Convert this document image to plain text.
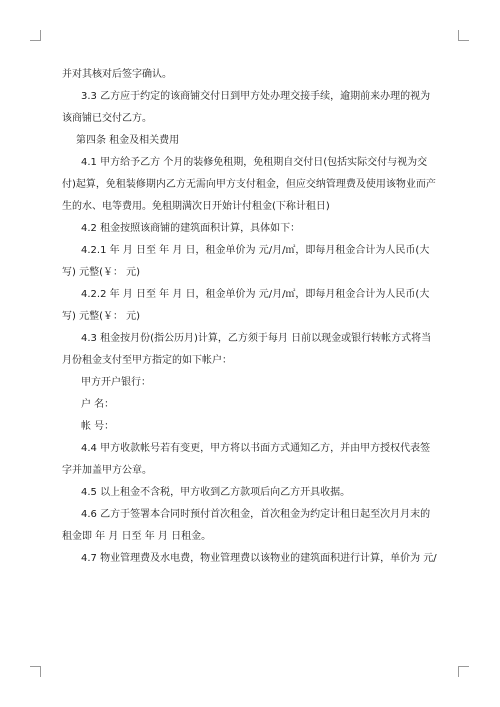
并对其核对后签字确认。

3.3 乙方应于约定的该商铺交付日到甲方处办理交接手续，逾期前来办理的视为

该商铺已交付乙方。

第四条 租金及相关费用

4.1 甲方给予乙方 个月的装修免租期，免租期自交付日(包括实际交付与视为交

付)起算，免租装修期内乙方无需向甲方支付租金，但应交纳管理费及使用该物业而产

生的水、电等费用。免租期满次日开始计付租金(下称计租日)

4.2 租金按照该商铺的建筑面积计算，具体如下：

4.2.1 年 月 日至 年 月 日，租金单价为 元/月/㎡，即每月租金合计为人民币(大

写) 元整(￥： 元)

4.2.2 年 月 日至 年 月 日，租金单价为 元/月/㎡，即每月租金合计为人民币(大

写) 元整(￥： 元)

4.3 租金按月份(指公历月)计算，乙方须于每月 日前以现金或银行转帐方式将当

月份租金支付至甲方指定的如下帐户：

甲方开户银行：

户 名：

帐 号：

4.4 甲方收款帐号若有变更，甲方将以书面方式通知乙方，并由甲方授权代表签

字并加盖甲方公章。

4.5 以上租金不含税，甲方收到乙方款项后向乙方开具收据。

4.6 乙方于签署本合同时预付首次租金，首次租金为约定计租日起至次月月末的

租金即 年 月 日至 年 月 日租金。

4.7 物业管理费及水电费，物业管理费以该物业的建筑面积进行计算，单价为 元/
